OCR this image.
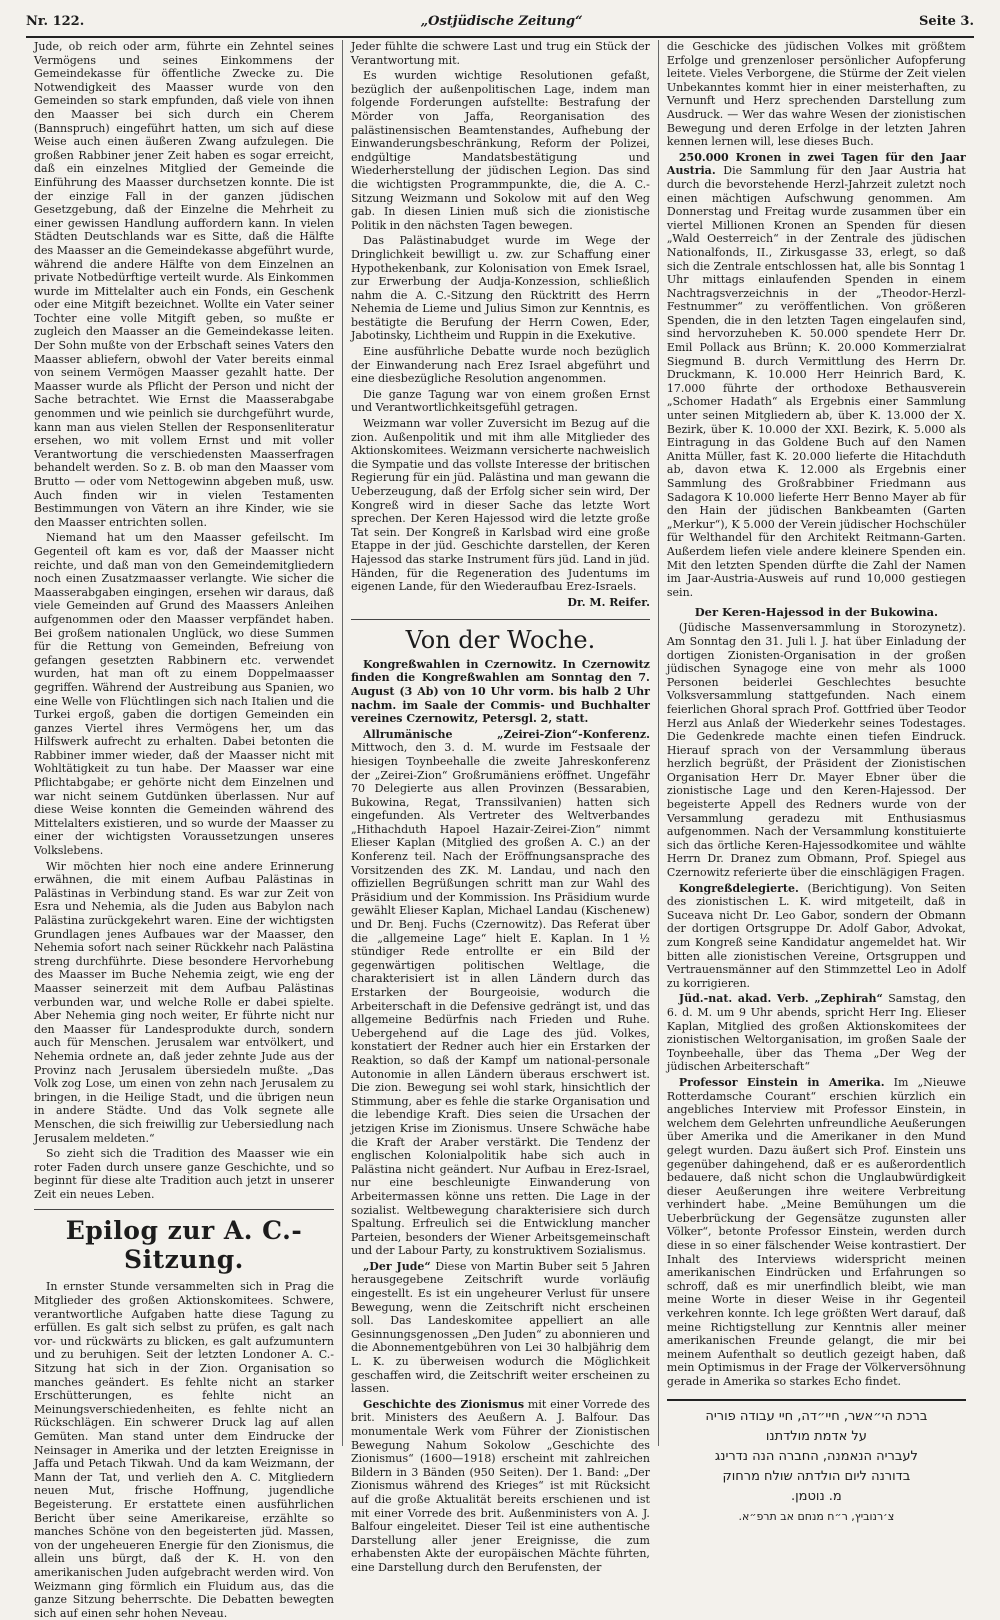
Nr. 122.	„Ostjüdische Zeitung“	Seite 3.

Jude, ob reich oder arm, führte ein Zehntel seines Vermögens und seines Einkommens der Gemeindekasse für öffentliche Zwecke zu. Die Notwendigkeit des Maasser wurde von den Gemeinden so stark empfunden, daß viele von ihnen den Maasser bei sich durch ein Cherem (Bannspruch) eingeführt hatten, um sich auf diese Weise auch einen äußeren Zwang aufzulegen. Die großen Rabbiner jener Zeit haben es sogar erreicht, daß ein einzelnes Mitglied der Gemeinde die Einführung des Maasser durchsetzen konnte. Die ist der einzige Fall in der ganzen jüdischen Gesetzgebung, daß der Einzelne die Mehrheit zu einer gewissen Handlung auffordern kann. In vielen Städten Deutschlands war es Sitte, daß die Hälfte des Maasser an die Gemeindekasse abgeführt wurde, während die andere Hälfte von dem Einzelnen an private Notbedürftige verteilt wurde. Als Einkommen wurde im Mittelalter auch ein Fonds, ein Geschenk oder eine Mitgift bezeichnet. Wollte ein Vater seiner Tochter eine volle Mitgift geben, so mußte er zugleich den Maasser an die Gemeindekasse leiten. Der Sohn mußte von der Erbschaft seines Vaters den Maasser abliefern, obwohl der Vater bereits einmal von seinem Vermögen Maasser gezahlt hatte. Der Maasser wurde als Pflicht der Person und nicht der Sache betrachtet. Wie Ernst die Maasserabgabe genommen und wie peinlich sie durchgeführt wurde, kann man aus vielen Stellen der Responsenliteratur ersehen, wo mit vollem Ernst und mit voller Verantwortung die verschiedensten Maasserfragen behandelt werden. So z. B. ob man den Maasser vom Brutto — oder vom Nettogewinn abgeben muß, usw. Auch finden wir in vielen Testamenten Bestimmungen von Vätern an ihre Kinder, wie sie den Maasser entrichten sollen.

Niemand hat um den Maasser gefeilscht. Im Gegenteil oft kam es vor, daß der Maasser nicht reichte, und daß man von den Gemeindemitgliedern noch einen Zusatzmaasser verlangte. Wie sicher die Maasserabgaben eingingen, ersehen wir daraus, daß viele Gemeinden auf Grund des Maassers Anleihen aufgenommen oder den Maasser verpfändet haben. Bei großem nationalen Unglück, wo diese Summen für die Rettung von Gemeinden, Befreiung von gefangen gesetzten Rabbinern etc. verwendet wurden, hat man oft zu einem Doppelmaasser gegriffen. Während der Austreibung aus Spanien, wo eine Welle von Flüchtlingen sich nach Italien und die Turkei ergoß, gaben die dortigen Gemeinden ein ganzes Viertel ihres Vermögens her, um das Hilfswerk aufrecht zu erhalten. Dabei betonten die Rabbiner immer wieder, daß der Maasser nicht mit Wohltätigkeit zu tun habe. Der Maasser war eine Pflichtabgabe; er gehörte nicht dem Einzelnen und war nicht seinem Gutdünken überlassen. Nur auf diese Weise konnten die Gemeinden während des Mittelalters existieren, und so wurde der Maasser zu einer der wichtigsten Voraussetzungen unseres Volkslebens.

Wir möchten hier noch eine andere Erinnerung erwähnen, die mit einem Aufbau Palästinas in Palästinas in Verbindung stand. Es war zur Zeit von Esra und Nehemia, als die Juden aus Babylon nach Palästina zurückgekehrt waren. Eine der wichtigsten Grundlagen jenes Aufbaues war der Maasser, den Nehemia sofort nach seiner Rückkehr nach Palästina streng durchführte. Diese besondere Hervorhebung des Maasser im Buche Nehemia zeigt, wie eng der Maasser seinerzeit mit dem Aufbau Palästinas verbunden war, und welche Rolle er dabei spielte. Aber Nehemia ging noch weiter, Er führte nicht nur den Maasser für Landesprodukte durch, sondern auch für Menschen. Jerusalem war entvölkert, und Nehemia ordnete an, daß jeder zehnte Jude aus der Provinz nach Jerusalem übersiedeln mußte. „Das Volk zog Lose, um einen von zehn nach Jerusalem zu bringen, in die Heilige Stadt, und die übrigen neun in andere Städte. Und das Volk segnete alle Menschen, die sich freiwillig zur Uebersiedlung nach Jerusalem meldeten.“

So zieht sich die Tradition des Maasser wie ein roter Faden durch unsere ganze Geschichte, und so beginnt für diese alte Tradition auch jetzt in unserer Zeit ein neues Leben.

Epilog zur A. C.-Sitzung.

In ernster Stunde versammelten sich in Prag die Mitglieder des großen Aktionskomitees. Schwere, verantwortliche Aufgaben hatte diese Tagung zu erfüllen. Es galt sich selbst zu prüfen, es galt nach vor- und rückwärts zu blicken, es galt aufzumuntern und zu beruhigen. Seit der letzten Londoner A. C.-Sitzung hat sich in der Zion. Organisation so manches geändert. Es fehlte nicht an starker Erschütterungen, es fehlte nicht an Meinungsverschiedenheiten, es fehlte nicht an Rückschlägen. Ein schwerer Druck lag auf allen Gemüten. Man stand unter dem Eindrucke der Neinsager in Amerika und der letzten Ereignisse in Jaffa und Petach Tikwah. Und da kam Weizmann, der Mann der Tat, und verlieh den A. C. Mitgliedern neuen Mut, frische Hoffnung, jugendliche Begeisterung. Er erstattete einen ausführlichen Bericht über seine Amerikareise, erzählte so manches Schöne von den begeisterten jüd. Massen, von der ungeheueren Energie für den Zionismus, die allein uns bürgt, daß der K. H. von den amerikanischen Juden aufgebracht werden wird. Von Weizmann ging förmlich ein Fluidum aus, das die ganze Sitzung beherrschte. Die Debatten bewegten sich auf einen sehr hohen Neveau.

Jeder fühlte die schwere Last und trug ein Stück der Verantwortung mit.

Es wurden wichtige Resolutionen gefaßt, bezüglich der außenpolitischen Lage, indem man folgende Forderungen aufstellte: Bestrafung der Mörder von Jaffa, Reorganisation des palästinensischen Beamtenstandes, Aufhebung der Einwanderungsbeschränkung, Reform der Polizei, endgültige Mandatsbestätigung und Wiederherstellung der jüdischen Legion. Das sind die wichtigsten Programmpunkte, die, die A. C.-Sitzung Weizmann und Sokolow mit auf den Weg gab. In diesen Linien muß sich die zionistische Politik in den nächsten Tagen bewegen.

Das Palästinabudget wurde im Wege der Dringlichkeit bewilligt u. zw. zur Schaffung einer Hypothekenbank, zur Kolonisation von Emek Israel, zur Erwerbung der Audja-Konzession, schließlich nahm die A. C.-Sitzung den Rücktritt des Herrn Nehemia de Lieme und Julius Simon zur Kenntnis, es bestätigte die Berufung der Herrn Cowen, Eder, Jabotinsky, Lichtheim und Ruppin in die Exekutive.

Eine ausführliche Debatte wurde noch bezüglich der Einwanderung nach Erez Israel abgeführt und eine diesbezügliche Resolution angenommen.

Die ganze Tagung war von einem großen Ernst und Verantwortlichkeitsgefühl getragen.

Weizmann war voller Zuversicht im Bezug auf die zion. Außenpolitik und mit ihm alle Mitglieder des Aktionskomitees. Weizmann versicherte nachweislich die Sympatie und das vollste Interesse der britischen Regierung für ein jüd. Palästina und man gewann die Ueberzeugung, daß der Erfolg sicher sein wird, Der Kongreß wird in dieser Sache das letzte Wort sprechen. Der Keren Hajessod wird die letzte große Tat sein. Der Kongreß in Karlsbad wird eine große Etappe in der jüd. Geschichte darstellen, der Keren Hajessod das starke Instrument fürs jüd. Land in jüd. Händen, für die Regeneration des Judentums im eigenen Lande, für den Wiederaufbau Erez-Israels.

Dr. M. Reifer.
Von der Woche.

Kongreßwahlen in Czernowitz. In Czernowitz finden die Kongreßwahlen am Sonntag den 7. August (3 Ab) von 10 Uhr vorm. bis halb 2 Uhr nachm. im Saale der Commis- und Buchhalter vereines Czernowitz, Petersgl. 2, statt.

Allrumänische „Zeirei-Zion“-Konferenz. Mittwoch, den 3. d. M. wurde im Festsaale der hiesigen Toynbeehalle die zweite Jahreskonferenz der „Zeirei-Zion“ Großrumäniens eröffnet. Ungefähr 70 Delegierte aus allen Provinzen (Bessarabien, Bukowina, Regat, Transsilvanien) hatten sich eingefunden. Als Vertreter des Weltverbandes „Hithachduth Hapoel Hazair-Zeirei-Zion“ nimmt Elieser Kaplan (Mitglied des großen A. C.) an der Konferenz teil. Nach der Eröffnungsansprache des Vorsitzenden des ZK. M. Landau, und nach den offiziellen Begrüßungen schritt man zur Wahl des Präsidium und der Kommission. Ins Präsidium wurde gewählt Elieser Kaplan, Michael Landau (Kischenew) und Dr. Benj. Fuchs (Czernowitz). Das Referat über die „allgemeine Lage“ hielt E. Kaplan. In 1 ½ stündiger Rede entrollte er ein Bild der gegenwärtigen politischen Weltlage, die charakterisiert ist in allen Ländern durch das Erstarken der Bourgeoisie, wodurch die Arbeiterschaft in die Defensive gedrängt ist, und das allgemeine Bedürfnis nach Frieden und Ruhe. Uebergehend auf die Lage des jüd. Volkes, konstatiert der Redner auch hier ein Erstarken der Reaktion, so daß der Kampf um national-personale Autonomie in allen Ländern überaus erschwert ist. Die zion. Bewegung sei wohl stark, hinsichtlich der Stimmung, aber es fehle die starke Organisation und die lebendige Kraft. Dies seien die Ursachen der jetzigen Krise im Zionismus. Unsere Schwäche habe die Kraft der Araber verstärkt. Die Tendenz der englischen Kolonialpolitik habe sich auch in Palästina nicht geändert. Nur Aufbau in Erez-Israel, nur eine beschleunigte Einwanderung von Arbeitermassen könne uns retten. Die Lage in der sozialist. Weltbewegung charakterisiere sich durch Spaltung. Erfreulich sei die Entwicklung mancher Parteien, besonders der Wiener Arbeitsgemeinschaft und der Labour Party, zu konstruktivem Sozialismus.

„Der Jude“ Diese von Martin Buber seit 5 Jahren herausgegebene Zeitschrift wurde vorläufig eingestellt. Es ist ein ungeheurer Verlust für unsere Bewegung, wenn die Zeitschrift nicht erscheinen soll. Das Landeskomitee appelliert an alle Gesinnungsgenossen „Den Juden“ zu abonnieren und die Abonnementgebühren von Lei 30 halbjährig dem L. K. zu überweisen wodurch die Möglichkeit geschaffen wird, die Zeitschrift weiter erscheinen zu lassen.

Geschichte des Zionismus mit einer Vorrede des brit. Ministers des Aeußern A. J. Balfour. Das monumentale Werk vom Führer der Zionistischen Bewegung Nahum Sokolow „Geschichte des Zionismus“ (1600—1918) erscheint mit zahlreichen Bildern in 3 Bänden (950 Seiten). Der 1. Band: „Der Zionismus während des Krieges“ ist mit Rücksicht auf die große Aktualität bereits erschienen und ist mit einer Vorrede des brit. Außenministers von A. J. Balfour eingeleitet. Dieser Teil ist eine authentische Darstellung aller jener Ereignisse, die zum erhabensten Akte der europäischen Mächte führten, eine Darstellung durch den Berufensten, der

die Geschicke des jüdischen Volkes mit größtem Erfolge und grenzenloser persönlicher Aufopferung leitete. Vieles Verborgene, die Stürme der Zeit vielen Unbekanntes kommt hier in einer meisterhaften, zu Vernunft und Herz sprechenden Darstellung zum Ausdruck. — Wer das wahre Wesen der zionistischen Bewegung und deren Erfolge in der letzten Jahren kennen lernen will, lese dieses Buch.

250.000 Kronen in zwei Tagen für den Jaar Austria. Die Sammlung für den Jaar Austria hat durch die bevorstehende Herzl-Jahrzeit zuletzt noch einen mächtigen Aufschwung genommen. Am Donnerstag und Freitag wurde zusammen über ein viertel Millionen Kronen an Spenden für diesen „Wald Oesterreich“ in der Zentrale des jüdischen Nationalfonds, II., Zirkusgasse 33, erlegt, so daß sich die Zentrale entschlossen hat, alle bis Sonntag 1 Uhr mittags einlaufenden Spenden in einem Nachtragsverzeichnis in der „Theodor-Herzl-Festnummer“ zu veröffentlichen. Von größeren Spenden, die in den letzten Tagen eingelaufen sind, sind hervorzuheben K. 50.000 spendete Herr Dr. Emil Pollack aus Brünn; K. 20.000 Kommerzialrat Siegmund B. durch Vermittlung des Herrn Dr. Druckmann, K. 10.000 Herr Heinrich Bard, K. 17.000 führte der orthodoxe Bethausverein „Schomer Hadath“ als Ergebnis einer Sammlung unter seinen Mitgliedern ab, über K. 13.000 der X. Bezirk, über K. 10.000 der XXI. Bezirk, K. 5.000 als Eintragung in das Goldene Buch auf den Namen Anitta Müller, fast K. 20.000 lieferte die Hitachduth ab, davon etwa K. 12.000 als Ergebnis einer Sammlung des Großrabbiner Friedmann aus Sadagora K 10.000 lieferte Herr Benno Mayer ab für den Hain der jüdischen Bankbeamten (Garten „Merkur“), K 5.000 der Verein jüdischer Hochschüler für Welthandel für den Architekt Reitmann-Garten. Außerdem liefen viele andere kleinere Spenden ein. Mit den letzten Spenden dürfte die Zahl der Namen im Jaar-Austria-Ausweis auf rund 10,000 gestiegen sein.

Der Keren-Hajessod in der Bukowina.

(Jüdische Massenversammlung in Storozynetz). Am Sonntag den 31. Juli l. J. hat über Einladung der dortigen Zionisten-Organisation in der großen jüdischen Synagoge eine von mehr als 1000 Personen beiderlei Geschlechtes besuchte Volksversammlung stattgefunden. Nach einem feierlichen Ghoral sprach Prof. Gottfried über Teodor Herzl aus Anlaß der Wiederkehr seines Todestages. Die Gedenkrede machte einen tiefen Eindruck. Hierauf sprach von der Versammlung überaus herzlich begrüßt, der Präsident der Zionistischen Organisation Herr Dr. Mayer Ebner über die zionistische Lage und den Keren-Hajessod. Der begeisterte Appell des Redners wurde von der Versammlung geradezu mit Enthusiasmus aufgenommen. Nach der Versammlung konstituierte sich das örtliche Keren-Hajessodkomitee und wählte Herrn Dr. Dranez zum Obmann, Prof. Spiegel aus Czernowitz referierte über die einschlägigen Fragen.

Kongreßdelegierte. (Berichtigung). Von Seiten des zionistischen L. K. wird mitgeteilt, daß in Suceava nicht Dr. Leo Gabor, sondern der Obmann der dortigen Ortsgruppe Dr. Adolf Gabor, Advokat, zum Kongreß seine Kandidatur angemeldet hat. Wir bitten alle zionistischen Vereine, Ortsgruppen und Vertrauensmänner auf den Stimmzettel Leo in Adolf zu korrigieren.

Jüd.-nat. akad. Verb. „Zephirah“ Samstag, den 6. d. M. um 9 Uhr abends, spricht Herr Ing. Elieser Kaplan, Mitglied des großen Aktionskomitees der zionistischen Weltorganisation, im großen Saale der Toynbeehalle, über das Thema „Der Weg der jüdischen Arbeiterschaft“

Professor Einstein in Amerika. Im „Nieuwe Rotterdamsche Courant“ erschien kürzlich ein angebliches Interview mit Professor Einstein, in welchem dem Gelehrten unfreundliche Aeußerungen über Amerika und die Amerikaner in den Mund gelegt wurden. Dazu äußert sich Prof. Einstein uns gegenüber dahingehend, daß er es außerordentlich bedauere, daß nicht schon die Unglaubwürdigkeit dieser Aeußerungen ihre weitere Verbreitung verhindert habe. „Meine Bemühungen um die Ueberbrückung der Gegensätze zugunsten aller Völker“, betonte Professor Einstein, werden durch diese in so einer fälschender Weise kontrastiert. Der Inhalt des Interviews widerspricht meinen amerikanischen Eindrücken und Erfahrungen so schroff, daß es mir unerfindlich bleibt, wie man meine Worte in dieser Weise in ihr Gegenteil verkehren konnte. Ich lege größten Wert darauf, daß meine Richtigstellung zur Kenntnis aller meiner amerikanischen Freunde gelangt, die mir bei meinem Aufenthalt so deutlich gezeigt haben, daß mein Optimismus in der Frage der Völkerversöhnung gerade in Amerika so starkes Echo findet.

ברכת הי״אשר, חיי״דה, חיי עבודה פוריה
על אדמת מולדתנו
לעבריה הנאמנה, החברה הנה נדרינג
בדורנה ליום הולדתה שולח מרחוק
מ. נוטמן.
צ׳רנוביץ, ר״ח מנחם אב תרפ״א.
